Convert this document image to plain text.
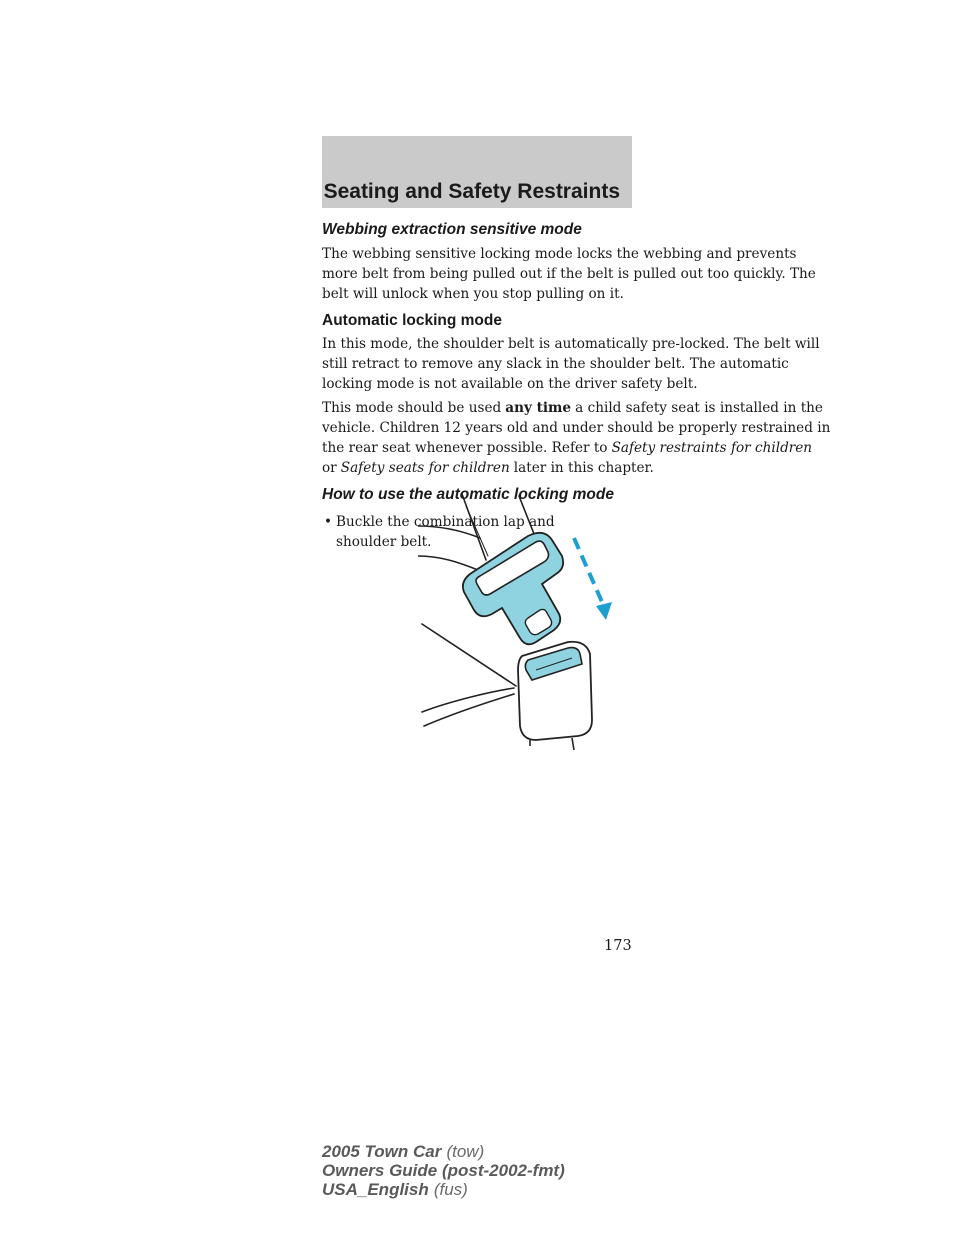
Seating and Safety Restraints
Webbing extraction sensitive mode
The webbing sensitive locking mode locks the webbing and prevents
more belt from being pulled out if the belt is pulled out too quickly. The
belt will unlock when you stop pulling on it.
Automatic locking mode
In this mode, the shoulder belt is automatically pre-locked. The belt will
still retract to remove any slack in the shoulder belt. The automatic
locking mode is not available on the driver safety belt.
This mode should be used any time a child safety seat is installed in the
vehicle. Children 12 years old and under should be properly restrained in
the rear seat whenever possible. Refer to Safety restraints for children
or Safety seats for children later in this chapter.
How to use the automatic locking mode
• Buckle the combination lap and
shoulder belt.
173
2005 Town Car (tow)
Owners Guide (post-2002-fmt)
USA_English (fus)
